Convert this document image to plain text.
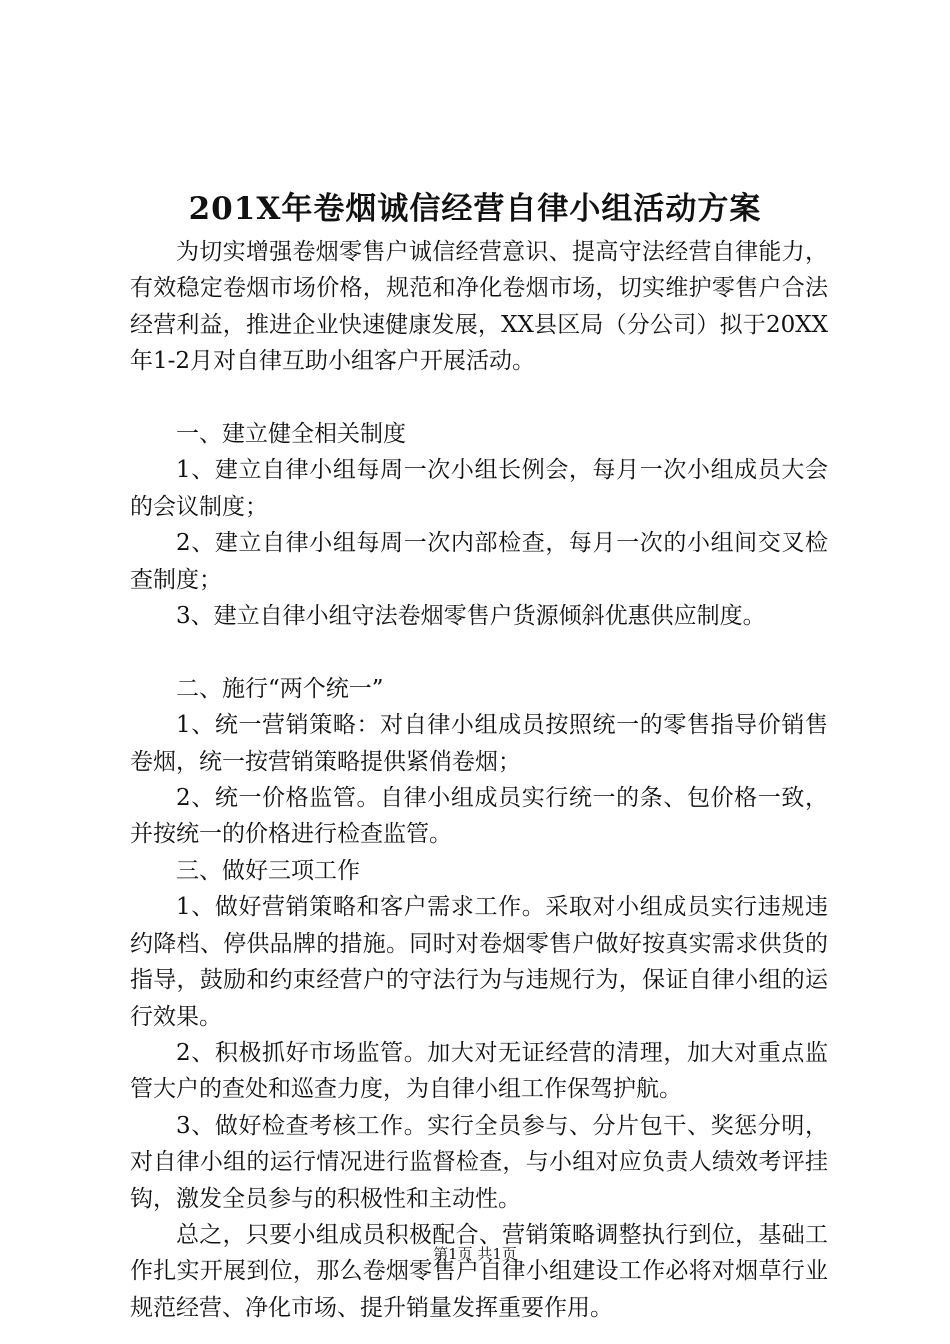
201X年卷烟诚信经营自律小组活动方案

为切实增强卷烟零售户诚信经营意识、提高守法经营自律能力，有效稳定卷烟市场价格，规范和净化卷烟市场，切实维护零售户合法经营利益，推进企业快速健康发展，XX县区局（分公司）拟于20XX年1-2月对自律互助小组客户开展活动。

一、建立健全相关制度

1、建立自律小组每周一次小组长例会，每月一次小组成员大会的会议制度；

2、建立自律小组每周一次内部检查，每月一次的小组间交叉检查制度；

3、建立自律小组守法卷烟零售户货源倾斜优惠供应制度。

二、施行“两个统一”

1、统一营销策略：对自律小组成员按照统一的零售指导价销售卷烟，统一按营销策略提供紧俏卷烟；

2、统一价格监管。自律小组成员实行统一的条、包价格一致，并按统一的价格进行检查监管。

三、做好三项工作

1、做好营销策略和客户需求工作。采取对小组成员实行违规违约降档、停供品牌的措施。同时对卷烟零售户做好按真实需求供货的指导，鼓励和约束经营户的守法行为与违规行为，保证自律小组的运行效果。

2、积极抓好市场监管。加大对无证经营的清理，加大对重点监管大户的查处和巡查力度，为自律小组工作保驾护航。

3、做好检查考核工作。实行全员参与、分片包干、奖惩分明，对自律小组的运行情况进行监督检查，与小组对应负责人绩效考评挂钩，激发全员参与的积极性和主动性。

总之，只要小组成员积极配合、营销策略调整执行到位，基础工作扎实开展到位，那么卷烟零售户自律小组建设工作必将对烟草行业规范经营、净化市场、提升销量发挥重要作用。

第1页 共1页
